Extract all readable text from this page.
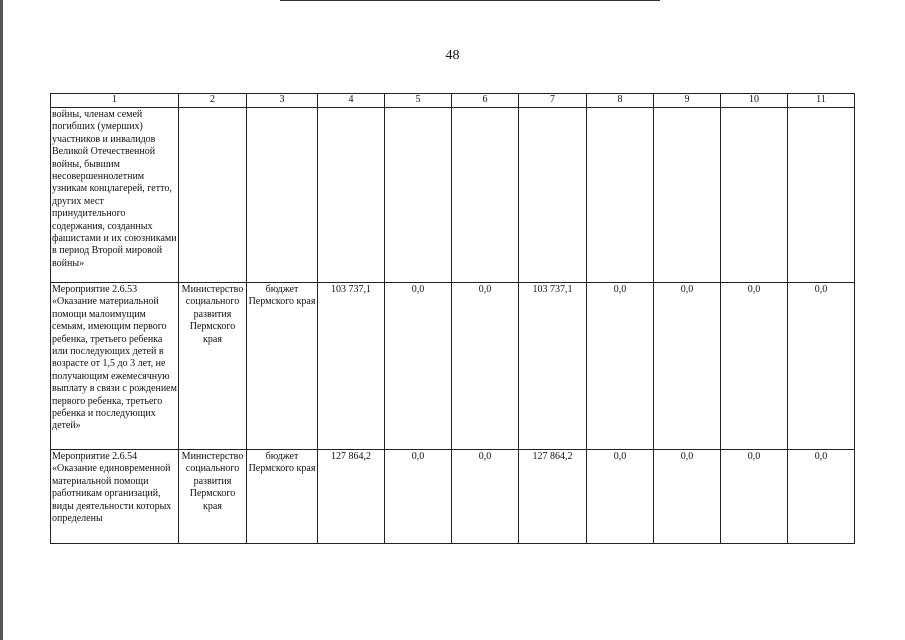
48
1	2	3	4	5	6	7	8	9	10	11
войны, членам семей погибших (умерших) участников и инвалидов Великой Отечественной войны, бывшим несовершеннолетним узникам концлагерей, гетто, других мест принудительного содержания, созданных фашистами и их союзниками в период Второй мировой войны»										
Мероприятие 2.6.53 «Оказание материальной помощи малоимущим семьям, имеющим первого ребенка, третьего ребенка или последующих детей в возрасте от 1,5 до 3 лет, не получающим ежемесячную выплату в связи с рождением первого ребенка, третьего ребенка и последующих детей»	Министерство социального развития Пермского края	бюджет Пермского края	103 737,1	0,0	0,0	103 737,1	0,0	0,0	0,0	0,0
Мероприятие 2.6.54 «Оказание единовременной материальной помощи работникам организаций, виды деятельности которых определены	Министерство социального развития Пермского края	бюджет Пермского края	127 864,2	0,0	0,0	127 864,2	0,0	0,0	0,0	0,0
